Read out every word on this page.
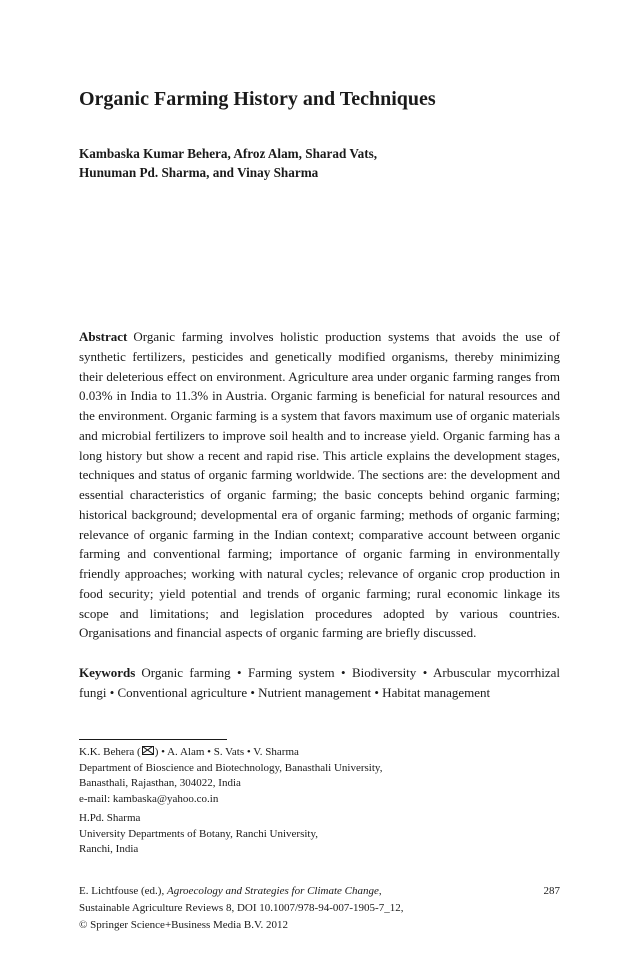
Organic Farming History and Techniques
Kambaska Kumar Behera, Afroz Alam, Sharad Vats,
Hunuman Pd. Sharma, and Vinay Sharma

Abstract Organic farming involves holistic production systems that avoids the use of synthetic fertilizers, pesticides and genetically modified organisms, thereby minimizing their deleterious effect on environment. Agriculture area under organic farming ranges from 0.03% in India to 11.3% in Austria. Organic farming is beneficial for natural resources and the environment. Organic farming is a system that favors maximum use of organic materials and microbial fertilizers to improve soil health and to increase yield. Organic farming has a long history but show a recent and rapid rise. This article explains the development stages, techniques and status of organic farming worldwide. The sections are: the development and essential characteristics of organic farming; the basic concepts behind organic farming; historical background; developmental era of organic farming; methods of organic farming; relevance of organic farming in the Indian context; comparative account between organic farming and conventional farming; importance of organic farming in environmentally friendly approaches; working with natural cycles; relevance of organic crop production in food security; yield potential and trends of organic farming; rural economic linkage its scope and limitations; and legislation procedures adopted by various countries. Organisations and financial aspects of organic farming are briefly discussed.

Keywords Organic farming • Farming system • Biodiversity • Arbuscular mycorrhizal fungi • Conventional agriculture • Nutrient management • Habitat management

K.K. Behera ( ) • A. Alam • S. Vats • V. Sharma
Department of Bioscience and Biotechnology, Banasthali University,
Banasthali, Rajasthan, 304022, India
e-mail: kambaska@yahoo.co.in
H.Pd. Sharma
University Departments of Botany, Ranchi University,
Ranchi, India
E. Lichtfouse (ed.), Agroecology and Strategies for Climate Change,
Sustainable Agriculture Reviews 8, DOI 10.1007/978-94-007-1905-7_12,
© Springer Science+Business Media B.V. 2012
287
